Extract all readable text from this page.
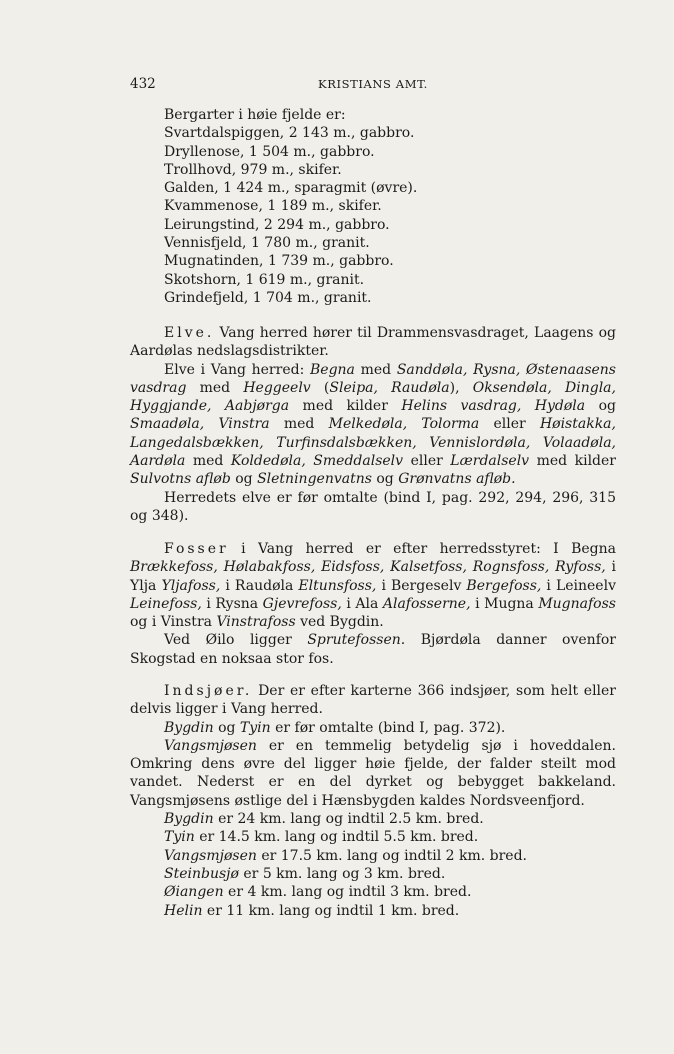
432	KRISTIANS AMT.
Bergarter i høie fjelde er:
Svartdalspiggen, 2 143 m., gabbro.
Dryllenose, 1 504 m., gabbro.
Trollhovd, 979 m., skifer.
Galden, 1 424 m., sparagmit (øvre).
Kvammenose, 1 189 m., skifer.
Leirungstind, 2 294 m., gabbro.
Vennisfjeld, 1 780 m., granit.
Mugnatinden, 1 739 m., gabbro.
Skotshorn, 1 619 m., granit.
Grindefjeld, 1 704 m., granit.

Elve. Vang herred hører til Drammensvasdraget, Laagens og Aardølas nedslagsdistrikter.

Elve i Vang herred: Begna med Sanddøla, Rysna, Østenaasens vasdrag med Heggeelv (Sleipa, Raudøla), Oksendøla, Dingla, Hyggjande, Aabjørga med kilder Helins vasdrag, Hydøla og Smaadøla, Vinstra med Melkedøla, Tolorma eller Høistakka, Langedalsbækken, Turfinsdalsbækken, Vennislordøla, Volaadøla, Aardøla med Koldedøla, Smeddalselv eller Lærdalselv med kilder Sulvotns afløb og Sletningenvatns og Grønvatns afløb.

Herredets elve er før omtalte (bind I, pag. 292, 294, 296, 315 og 348).

Fosser i Vang herred er efter herredsstyret: I Begna Brækkefoss, Hølabakfoss, Eidsfoss, Kalsetfoss, Rognsfoss, Ryfoss, i Ylja Yljafoss, i Raudøla Eltunsfoss, i Bergeselv Bergefoss, i Leineelv Leinefoss, i Rysna Gjevrefoss, i Ala Alafosserne, i Mugna Mugnafoss og i Vinstra Vinstrafoss ved Bygdin.

Ved Øilo ligger Sprutefossen. Bjørdøla danner ovenfor Skogstad en noksaa stor fos.

Indsjøer. Der er efter karterne 366 indsjøer, som helt eller delvis ligger i Vang herred.

Bygdin og Tyin er før omtalte (bind I, pag. 372).

Vangsmjøsen er en temmelig betydelig sjø i hoveddalen. Omkring dens øvre del ligger høie fjelde, der falder steilt mod vandet. Nederst er en del dyrket og bebygget bakkeland. Vangsmjøsens østlige del i Hænsbygden kaldes Nordsveenfjord.

Bygdin er 24 km. lang og indtil 2.5 km. bred.
Tyin er 14.5 km. lang og indtil 5.5 km. bred.
Vangsmjøsen er 17.5 km. lang og indtil 2 km. bred.
Steinbusjø er 5 km. lang og 3 km. bred.
Øiangen er 4 km. lang og indtil 3 km. bred.
Helin er 11 km. lang og indtil 1 km. bred.
